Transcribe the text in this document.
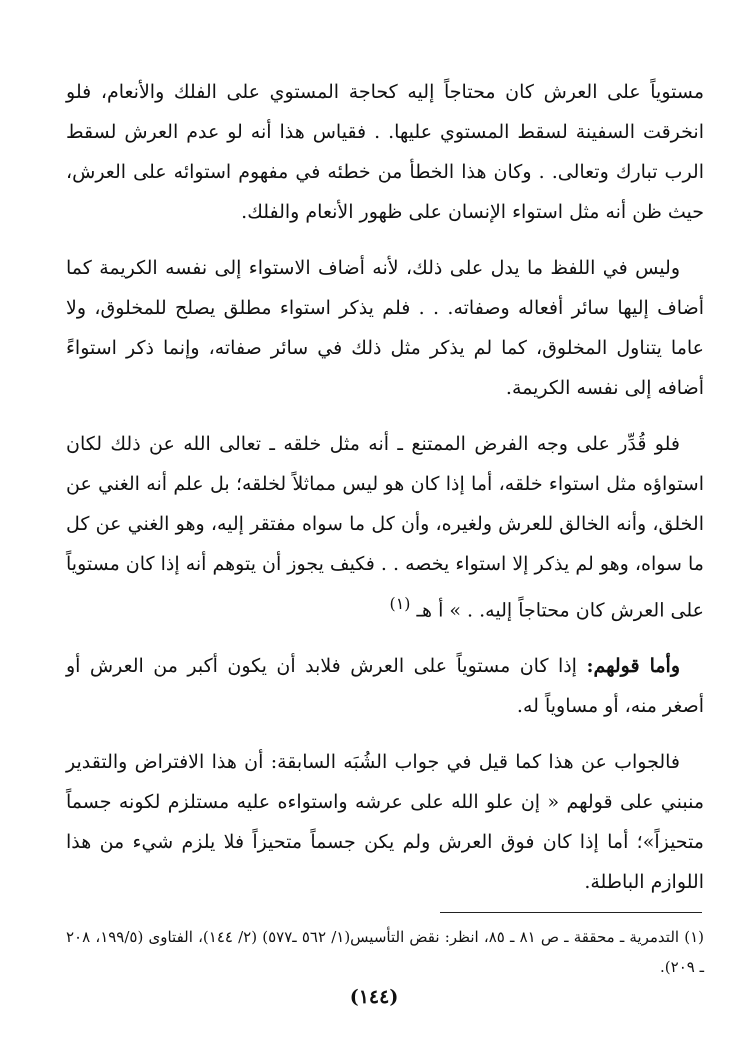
مستوياً على العرش كان محتاجاً إليه كحاجة المستوي على الفلك والأنعام، فلو انخرقت السفينة لسقط المستوي عليها. . فقياس هذا أنه لو عدم العرش لسقط الرب تبارك وتعالى. . وكان هذا الخطأ من خطئه في مفهوم استوائه على العرش، حيث ظن أنه مثل استواء الإنسان على ظهور الأنعام والفلك.

وليس في اللفظ ما يدل على ذلك، لأنه أضاف الاستواء إلى نفسه الكريمة كما أضاف إليها سائر أفعاله وصفاته. . . فلم يذكر استواء مطلق يصلح للمخلوق، ولا عاما يتناول المخلوق، كما لم يذكر مثل ذلك في سائر صفاته، وإنما ذكر استواءً أضافه إلى نفسه الكريمة.

فلو قُدِّر على وجه الفرض الممتنع ـ أنه مثل خلقه ـ تعالى الله عن ذلك لكان استواؤه مثل استواء خلقه، أما إذا كان هو ليس مماثلاً لخلقه؛ بل علم أنه الغني عن الخلق، وأنه الخالق للعرش ولغيره، وأن كل ما سواه مفتقر إليه، وهو الغني عن كل ما سواه، وهو لم يذكر إلا استواء يخصه . . فكيف يجوز أن يتوهم أنه إذا كان مستوياً على العرش كان محتاجاً إليه. . » أ هـ $^{(١)}$

وأما قولهم: إذا كان مستوياً على العرش فلابد أن يكون أكبر من العرش أو أصغر منه، أو مساوياً له.

فالجواب عن هذا كما قيل في جواب الشُبَه السابقة: أن هذا الافتراض والتقدير منبني على قولهم « إن علو الله على عرشه واستواءه عليه مستلزم لكونه جسماً متحيزاً»؛ أما إذا كان فوق العرش ولم يكن جسماً متحيزاً فلا يلزم شيء من هذا اللوازم الباطلة.

(١) التدمرية ـ محققة ـ ص ٨١ ـ ٨٥، انظر: نقض التأسيس(١/ ٥٦٢ ـ٥٧٧) (٢/ ١٤٤)، الفتاوى (١٩٩/٥، ٢٠٨ ـ ٢٠٩).
(١٤٤)
